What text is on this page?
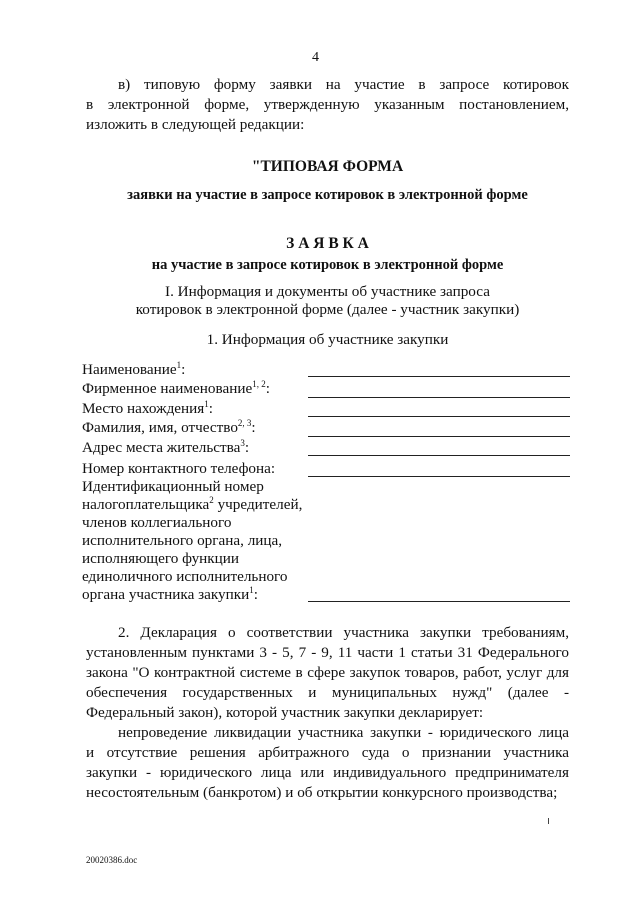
4
в) типовую форму заявки на участие в запросе котировок
в электронной форме, утвержденную указанным постановлением,
изложить в следующей редакции:
"ТИПОВАЯ ФОРМА
заявки на участие в запросе котировок в электронной форме
З А Я В К А
на участие в запросе котировок в электронной форме
I. Информация и документы об участнике запроса
котировок в электронной форме (далее - участник закупки)
1. Информация об участнике закупки
Наименование$^1$:
Фирменное наименование$^{1, 2}$:
Место нахождения$^1$:
Фамилия, имя, отчество$^{2, 3}$:
Адрес места жительства$^3$:
Номер контактного телефона:
Идентификационный номер
налогоплательщика$^2$ учредителей,
членов коллегиального
исполнительного органа, лица,
исполняющего функции
единоличного исполнительного
органа участника закупки$^1$:
2. Декларация о соответствии участника закупки требованиям,
установленным пунктами 3 - 5, 7 - 9, 11 части 1 статьи 31 Федерального
закона "О контрактной системе в сфере закупок товаров, работ, услуг для
обеспечения государственных и муниципальных нужд" (далее -
Федеральный закон), которой участник закупки декларирует:
непроведение ликвидации участника закупки - юридического лица
и отсутствие решения арбитражного суда о признании участника
закупки - юридического лица или индивидуального предпринимателя
несостоятельным (банкротом) и об открытии конкурсного производства;
20020386.doc
